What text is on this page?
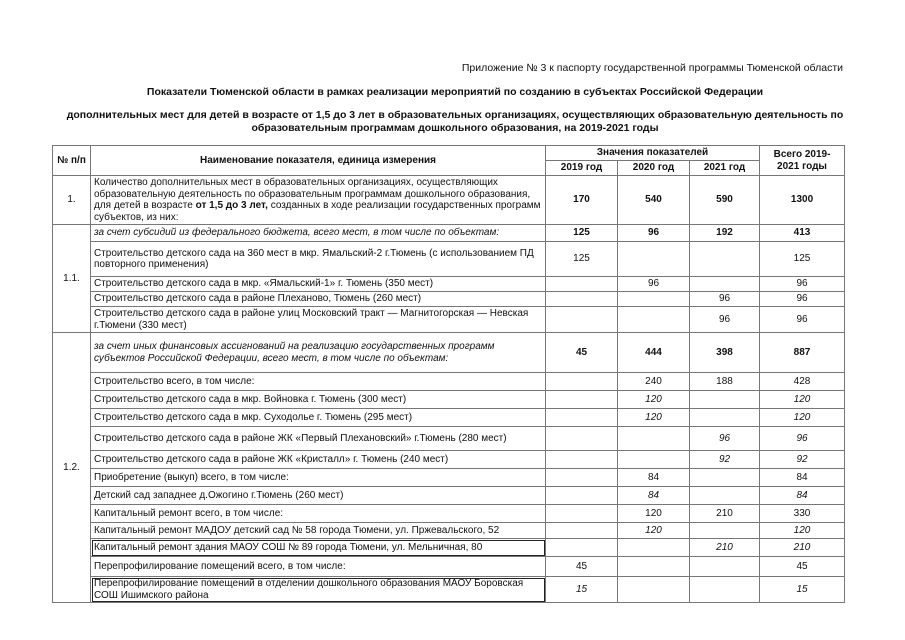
Приложение № 3 к паспорту государственной программы Тюменской области
Показатели Тюменской области в рамках реализации мероприятий по созданию в субъектах Российской Федерации
дополнительных мест для детей в возрасте от 1,5 до 3 лет в образовательных организациях, осуществляющих образовательную деятельность по образовательным программам дошкольного образования, на 2019-2021 годы
№ п/п	Наименование показателя, единица измерения	Значения показателей			Всего 2019-2021 годы
		2019 год	2020 год	2021 год	
1.	Количество дополнительных мест в образовательных организациях, осуществляющих образовательную деятельность по образовательным программам дошкольного образования, для детей в возрасте от 1,5 до 3 лет, созданных в ходе реализации государственных программ субъектов, из них:	170	540	590	1300
1.1.	за счет субсидий из федерального бюджета, всего мест, в том числе по объектам:	125	96	192	413
	Строительство детского сада на 360 мест в мкр. Ямальский-2 г.Тюмень (с использованием ПД повторного применения)	125			125
	Строительство детского сада в мкр. «Ямальский-1» г. Тюмень (350 мест)		96		96
	Строительство детского сада в районе Плеханово, Тюмень (260 мест)			96	96
	Строительство детского сада в районе улиц Московский тракт — Магнитогорская — Невская г.Тюмени (330 мест)			96	96
1.2.	за счет иных финансовых ассигнований на реализацию государственных программ субъектов Российской Федерации, всего мест, в том числе по объектам:	45	444	398	887
	Строительство всего, в том числе:		240	188	428
	Строительство детского сада в мкр. Войновка г. Тюмень (300 мест)		120		120
	Строительство детского сада в мкр. Суходолье г. Тюмень (295 мест)		120		120
	Строительство детского сада в районе ЖК «Первый Плехановский» г.Тюмень (280 мест)			96	96
	Строительство детского сада в районе ЖК «Кристалл» г. Тюмень (240 мест)			92	92
	Приобретение (выкуп) всего, в том числе:		84		84
	Детский сад западнее д.Ожогино г.Тюмень (260 мест)		84		84
	Капитальный ремонт всего, в том числе:		120	210	330
	Капитальный ремонт МАДОУ детский сад № 58 города Тюмени, ул. Пржевальского, 52		120		120
	Капитальный ремонт здания МАОУ СОШ № 89 города Тюмени, ул. Мельничная, 80			210	210
	Перепрофилирование помещений всего, в том числе:	45			45
	Перепрофилирование помещений в отделении дошкольного образования МАОУ Боровская СОШ Ишимского района	15			15
